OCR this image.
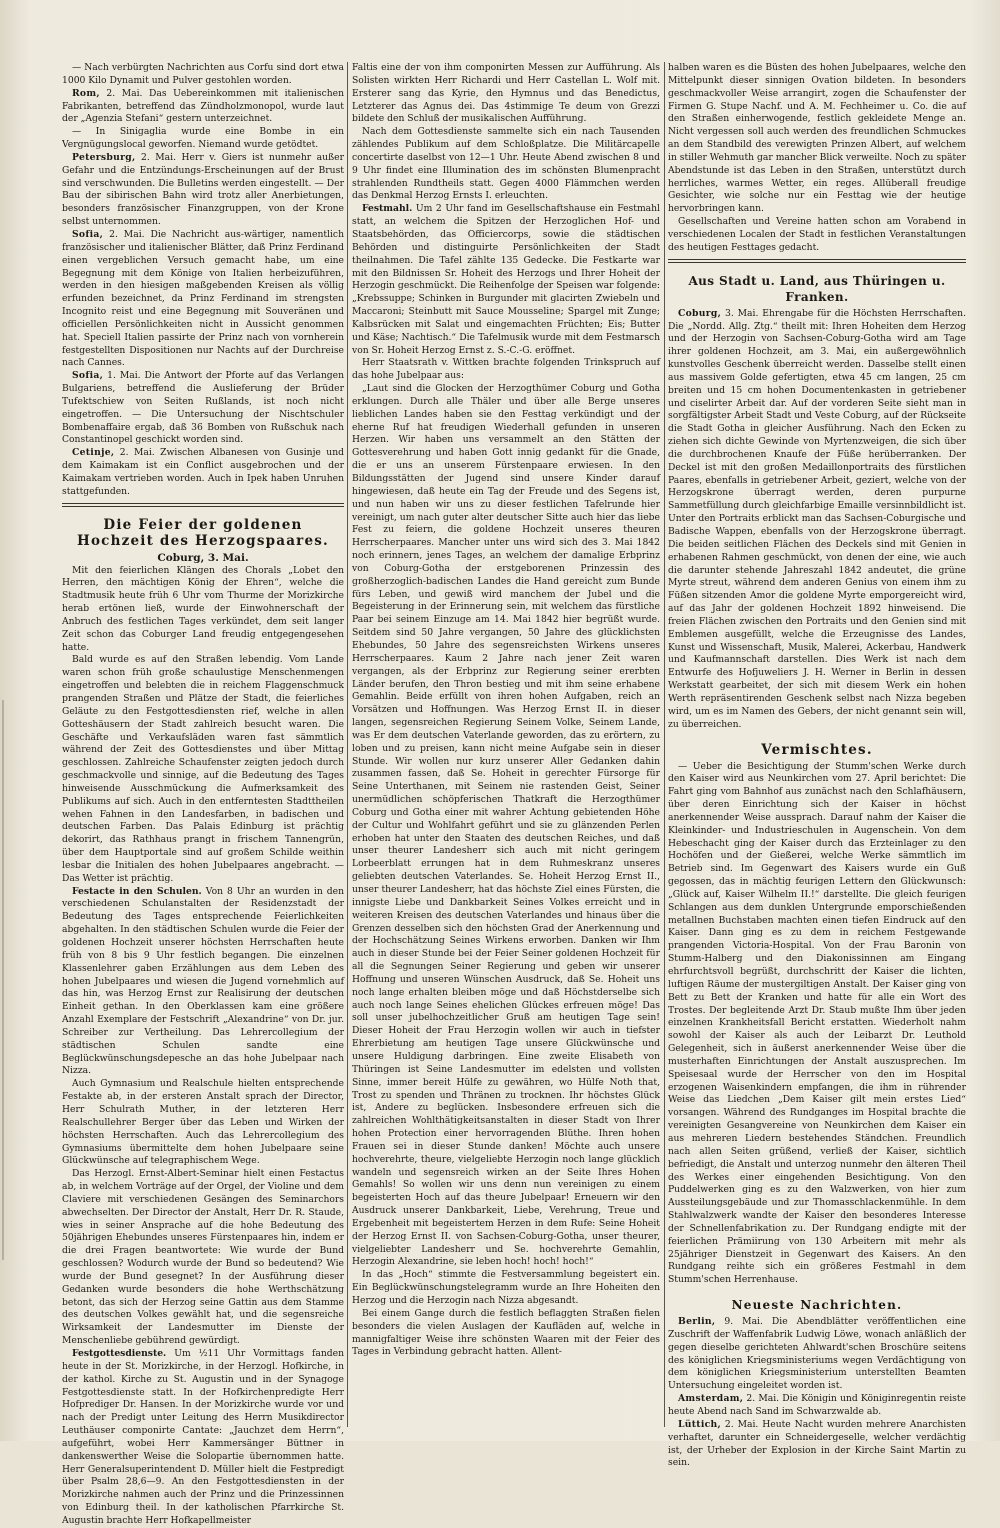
— Nach verbürgten Nachrichten aus Corfu sind dort etwa 1000 Kilo Dynamit und Pulver gestohlen worden.

Rom, 2. Mai. Das Uebereinkommen mit italienischen Fabrikanten, betreffend das Zündholzmonopol, wurde laut der „Agenzia Stefani“ gestern unterzeichnet.

— In Sinigaglia wurde eine Bombe in ein Vergnügungslocal geworfen. Niemand wurde getödtet.

Petersburg, 2. Mai. Herr v. Giers ist nunmehr außer Gefahr und die Entzündungs-Erscheinungen auf der Brust sind verschwunden. Die Bulletins werden eingestellt. — Der Bau der sibirischen Bahn wird trotz aller Anerbietungen, besonders französischer Finanzgruppen, von der Krone selbst unternommen.

Sofia, 2. Mai. Die Nachricht aus-wärtiger, namentlich französischer und italienischer Blätter, daß Prinz Ferdinand einen vergeblichen Versuch gemacht habe, um eine Begegnung mit dem Könige von Italien herbeizuführen, werden in den hiesigen maßgebenden Kreisen als völlig erfunden bezeichnet, da Prinz Ferdinand im strengsten Incognito reist und eine Begegnung mit Souveränen und officiellen Persönlichkeiten nicht in Aussicht genommen hat. Speciell Italien passirte der Prinz nach von vornherein festgestellten Dispositionen nur Nachts auf der Durchreise nach Cannes.

Sofia, 1. Mai. Die Antwort der Pforte auf das Verlangen Bulgariens, betreffend die Auslieferung der Brüder Tufektschiew von Seiten Rußlands, ist noch nicht eingetroffen. — Die Untersuchung der Nischtschuler Bombenaffaire ergab, daß 36 Bomben von Rußschuk nach Constantinopel geschickt worden sind.

Cetinje, 2. Mai. Zwischen Albanesen von Gusinje und dem Kaimakam ist ein Conflict ausgebrochen und der Kaimakam vertrieben worden. Auch in Ipek haben Unruhen stattgefunden.

Die Feier der goldenen Hochzeit des Herzogspaares.

Coburg, 3. Mai.

Mit den feierlichen Klängen des Chorals „Lobet den Herren, den mächtigen König der Ehren“, welche die Stadtmusik heute früh 6 Uhr vom Thurme der Morizkirche herab ertönen ließ, wurde der Einwohnerschaft der Anbruch des festlichen Tages verkündet, dem seit langer Zeit schon das Coburger Land freudig entgegengesehen hatte.

Bald wurde es auf den Straßen lebendig. Vom Lande waren schon früh große schaulustige Menschenmengen eingetroffen und belebten die in reichem Flaggenschmuck prangenden Straßen und Plätze der Stadt, die feierliches Geläute zu den Festgottesdiensten rief, welche in allen Gotteshäusern der Stadt zahlreich besucht waren. Die Geschäfte und Verkaufsläden waren fast sämmtlich während der Zeit des Gottesdienstes und über Mittag geschlossen. Zahlreiche Schaufenster zeigten jedoch durch geschmackvolle und sinnige, auf die Bedeutung des Tages hinweisende Ausschmückung die Aufmerksamkeit des Publikums auf sich. Auch in den entferntesten Stadttheilen wehen Fahnen in den Landesfarben, in badischen und deutschen Farben. Das Palais Edinburg ist prächtig dekorirt, das Rathhaus prangt in frischem Tannengrün, über dem Hauptportale sind auf großem Schilde weithin lesbar die Initialen des hohen Jubelpaares angebracht. — Das Wetter ist prächtig.

Festacte in den Schulen. Von 8 Uhr an wurden in den verschiedenen Schulanstalten der Residenzstadt der Bedeutung des Tages entsprechende Feierlichkeiten abgehalten. In den städtischen Schulen wurde die Feier der goldenen Hochzeit unserer höchsten Herrschaften heute früh von 8 bis 9 Uhr festlich begangen. Die einzelnen Klassenlehrer gaben Erzählungen aus dem Leben des hohen Jubelpaares und wiesen die Jugend vornehmlich auf das hin, was Herzog Ernst zur Realisirung der deutschen Einheit gethan. In den Oberklassen kam eine größere Anzahl Exemplare der Festschrift „Alexandrine“ von Dr. jur. Schreiber zur Vertheilung. Das Lehrercollegium der städtischen Schulen sandte eine Beglückwünschungsdepesche an das hohe Jubelpaar nach Nizza.

Auch Gymnasium und Realschule hielten entsprechende Festakte ab, in der ersteren Anstalt sprach der Director, Herr Schulrath Muther, in der letzteren Herr Realschullehrer Berger über das Leben und Wirken der höchsten Herrschaften. Auch das Lehrercollegium des Gymnasiums übermittelte dem hohen Jubelpaare seine Glückwünsche auf telegraphischem Wege.

Das Herzogl. Ernst-Albert-Seminar hielt einen Festactus ab, in welchem Vorträge auf der Orgel, der Violine und dem Claviere mit verschiedenen Gesängen des Seminarchors abwechselten. Der Director der Anstalt, Herr Dr. R. Staude, wies in seiner Ansprache auf die hohe Bedeutung des 50jährigen Ehebundes unseres Fürstenpaares hin, indem er die drei Fragen beantwortete: Wie wurde der Bund geschlossen? Wodurch wurde der Bund so bedeutend? Wie wurde der Bund gesegnet? In der Ausführung dieser Gedanken wurde besonders die hohe Werthschätzung betont, das sich der Herzog seine Gattin aus dem Stamme des deutschen Volkes gewählt hat, und die segensreiche Wirksamkeit der Landesmutter im Dienste der Menschenliebe gebührend gewürdigt.

Festgottesdienste. Um ½11 Uhr Vormittags fanden heute in der St. Morizkirche, in der Herzogl. Hofkirche, in der kathol. Kirche zu St. Augustin und in der Synagoge Festgottesdienste statt. In der Hofkirchenpredigte Herr Hofprediger Dr. Hansen. In der Morizkirche wurde vor und nach der Predigt unter Leitung des Herrn Musikdirector Leuthäuser componirte Cantate: „Jauchzet dem Herrn“, aufgeführt, wobei Herr Kammersänger Büttner in dankenswerther Weise die Solopartie übernommen hatte. Herr Generalsuperintendent D. Müller hielt die Festpredigt über Psalm 28,6—9. An den Festgottesdiensten in der Morizkirche nahmen auch der Prinz und die Prinzessinnen von Edinburg theil. In der katholischen Pfarrkirche St. Augustin brachte Herr Hofkapellmeister

Faltis eine der von ihm componirten Messen zur Aufführung. Als Solisten wirkten Herr Richardi und Herr Castellan L. Wolf mit. Ersterer sang das Kyrie, den Hymnus und das Benedictus, Letzterer das Agnus dei. Das 4stimmige Te deum von Grezzi bildete den Schluß der musikalischen Aufführung.

Nach dem Gottesdienste sammelte sich ein nach Tausenden zählendes Publikum auf dem Schloßplatze. Die Militärcapelle concertirte daselbst von 12—1 Uhr. Heute Abend zwischen 8 und 9 Uhr findet eine Illumination des im schönsten Blumenpracht strahlenden Rundtheils statt. Gegen 4000 Flämmchen werden das Denkmal Herzog Ernsts I. erleuchten.

Festmahl. Um 2 Uhr fand im Gesellschaftshause ein Festmahl statt, an welchem die Spitzen der Herzoglichen Hof- und Staatsbehörden, das Officiercorps, sowie die städtischen Behörden und distinguirte Persönlichkeiten der Stadt theilnahmen. Die Tafel zählte 135 Gedecke. Die Festkarte war mit den Bildnissen Sr. Hoheit des Herzogs und Ihrer Hoheit der Herzogin geschmückt. Die Reihenfolge der Speisen war folgende: „Krebssuppe; Schinken in Burgunder mit glacirten Zwiebeln und Maccaroni; Steinbutt mit Sauce Mousseline; Spargel mit Zunge; Kalbsrücken mit Salat und eingemachten Früchten; Eis; Butter und Käse; Nachtisch.“ Die Tafelmusik wurde mit dem Festmarsch von Sr. Hoheit Herzog Ernst z. S.-C.-G. eröffnet.

Herr Staatsrath v. Wittken brachte folgenden Trinkspruch auf das hohe Jubelpaar aus:

„Laut sind die Glocken der Herzogthümer Coburg und Gotha erklungen. Durch alle Thäler und über alle Berge unseres lieblichen Landes haben sie den Festtag verkündigt und der eherne Ruf hat freudigen Wiederhall gefunden in unseren Herzen. Wir haben uns versammelt an den Stätten der Gottesverehrung und haben Gott innig gedankt für die Gnade, die er uns an unserem Fürstenpaare erwiesen. In den Bildungsstätten der Jugend sind unsere Kinder darauf hingewiesen, daß heute ein Tag der Freude und des Segens ist, und nun haben wir uns zu dieser festlichen Tafelrunde hier vereinigt, um nach guter alter deutscher Sitte auch hier das liebe Fest zu feiern, die goldene Hochzeit unseres theuren Herrscherpaares. Mancher unter uns wird sich des 3. Mai 1842 noch erinnern, jenes Tages, an welchem der damalige Erbprinz von Coburg-Gotha der erstgeborenen Prinzessin des großherzoglich-badischen Landes die Hand gereicht zum Bunde fürs Leben, und gewiß wird manchem der Jubel und die Begeisterung in der Erinnerung sein, mit welchem das fürstliche Paar bei seinem Einzuge am 14. Mai 1842 hier begrüßt wurde. Seitdem sind 50 Jahre vergangen, 50 Jahre des glücklichsten Ehebundes, 50 Jahre des segensreichsten Wirkens unseres Herrscherpaares. Kaum 2 Jahre nach jener Zeit waren vergangen, als der Erbprinz zur Regierung seiner ererbten Länder berufen, den Thron bestieg und mit ihm seine erhabene Gemahlin. Beide erfüllt von ihren hohen Aufgaben, reich an Vorsätzen und Hoffnungen. Was Herzog Ernst II. in dieser langen, segensreichen Regierung Seinem Volke, Seinem Lande, was Er dem deutschen Vaterlande geworden, das zu erörtern, zu loben und zu preisen, kann nicht meine Aufgabe sein in dieser Stunde. Wir wollen nur kurz unserer Aller Gedanken dahin zusammen fassen, daß Se. Hoheit in gerechter Fürsorge für Seine Unterthanen, mit Seinem nie rastenden Geist, Seiner unermüdlichen schöpferischen Thatkraft die Herzogthümer Coburg und Gotha einer mit wahrer Achtung gebietenden Höhe der Cultur und Wohlfahrt geführt und sie zu glänzenden Perlen erhoben hat unter den Staaten des deutschen Reiches, und daß unser theurer Landesherr sich auch mit nicht geringem Lorbeerblatt errungen hat in dem Ruhmeskranz unseres geliebten deutschen Vaterlandes. Se. Hoheit Herzog Ernst II., unser theurer Landesherr, hat das höchste Ziel eines Fürsten, die innigste Liebe und Dankbarkeit Seines Volkes erreicht und in weiteren Kreisen des deutschen Vaterlandes und hinaus über die Grenzen desselben sich den höchsten Grad der Anerkennung und der Hochschätzung Seines Wirkens erworben. Danken wir Ihm auch in dieser Stunde bei der Feier Seiner goldenen Hochzeit für all die Segnungen Seiner Regierung und geben wir unserer Hoffnung und unseren Wünschen Ausdruck, daß Se. Hoheit uns noch lange erhalten bleiben möge und daß Höchstderselbe sich auch noch lange Seines ehelichen Glückes erfreuen möge! Das soll unser jubelhochzeitlicher Gruß am heutigen Tage sein! Dieser Hoheit der Frau Herzogin wollen wir auch in tiefster Ehrerbietung am heutigen Tage unsere Glückwünsche und unsere Huldigung darbringen. Eine zweite Elisabeth von Thüringen ist Seine Landesmutter im edelsten und vollsten Sinne, immer bereit Hülfe zu gewähren, wo Hülfe Noth that, Trost zu spenden und Thränen zu trocknen. Ihr höchstes Glück ist, Andere zu beglücken. Insbesondere erfreuen sich die zahlreichen Wohlthätigkeitsanstalten in dieser Stadt von Ihrer hohen Protection einer hervorragenden Blüthe. Ihren hohen Frauen sei in dieser Stunde danken! Möchte auch unsere hochverehrte, theure, vielgeliebte Herzogin noch lange glücklich wandeln und segensreich wirken an der Seite Ihres Hohen Gemahls! So wollen wir uns denn nun vereinigen zu einem begeisterten Hoch auf das theure Jubelpaar! Erneuern wir den Ausdruck unserer Dankbarkeit, Liebe, Verehrung, Treue und Ergebenheit mit begeistertem Herzen in dem Rufe: Seine Hoheit der Herzog Ernst II. von Sachsen-Coburg-Gotha, unser theurer, vielgeliebter Landesherr und Se. hochverehrte Gemahlin, Herzogin Alexandrine, sie leben hoch! hoch! hoch!“

In das „Hoch“ stimmte die Festversammlung begeistert ein. Ein Beglückwünschungstelegramm wurde an Ihre Hoheiten den Herzog und die Herzogin nach Nizza abgesandt.

Bei einem Gange durch die festlich beflaggten Straßen fielen besonders die vielen Auslagen der Kaufläden auf, welche in mannigfaltiger Weise ihre schönsten Waaren mit der Feier des Tages in Verbindung gebracht hatten. Allent-

halben waren es die Büsten des hohen Jubelpaares, welche den Mittelpunkt dieser sinnigen Ovation bildeten. In besonders geschmackvoller Weise arrangirt, zogen die Schaufenster der Firmen G. Stupe Nachf. und A. M. Fechheimer u. Co. die auf den Straßen einherwogende, festlich gekleidete Menge an. Nicht vergessen soll auch werden des freundlichen Schmuckes an dem Standbild des verewigten Prinzen Albert, auf welchem in stiller Wehmuth gar mancher Blick verweilte. Noch zu später Abendstunde ist das Leben in den Straßen, unterstützt durch herrliches, warmes Wetter, ein reges. Allüberall freudige Gesichter, wie solche nur ein Festtag wie der heutige hervorbringen kann.

Gesellschaften und Vereine hatten schon am Vorabend in verschiedenen Localen der Stadt in festlichen Veranstaltungen des heutigen Festtages gedacht.

Aus Stadt u. Land, aus Thüringen u. Franken.

Coburg, 3. Mai. Ehrengabe für die Höchsten Herrschaften. Die „Nordd. Allg. Ztg.“ theilt mit: Ihren Hoheiten dem Herzog und der Herzogin von Sachsen-Coburg-Gotha wird am Tage ihrer goldenen Hochzeit, am 3. Mai, ein außergewöhnlich kunstvolles Geschenk überreicht werden. Dasselbe stellt einen aus massivem Golde gefertigten, etwa 45 cm langen, 25 cm breiten und 15 cm hohen Documentenkasten in getriebener und ciselirter Arbeit dar. Auf der vorderen Seite sieht man in sorgfältigster Arbeit Stadt und Veste Coburg, auf der Rückseite die Stadt Gotha in gleicher Ausführung. Nach den Ecken zu ziehen sich dichte Gewinde von Myrtenzweigen, die sich über die durchbrochenen Knaufe der Füße herüberranken. Der Deckel ist mit den großen Medaillonportraits des fürstlichen Paares, ebenfalls in getriebener Arbeit, geziert, welche von der Herzogskrone überragt werden, deren purpurne Sammetfüllung durch gleichfarbige Emaille versinnbildlicht ist. Unter den Portraits erblickt man das Sachsen-Coburgische und Badische Wappen, ebenfalls von der Herzogskrone überragt. Die beiden seitlichen Flächen des Deckels sind mit Genien in erhabenen Rahmen geschmückt, von denen der eine, wie auch die darunter stehende Jahreszahl 1842 andeutet, die grüne Myrte streut, während dem anderen Genius von einem ihm zu Füßen sitzenden Amor die goldene Myrte emporgereicht wird, auf das Jahr der goldenen Hochzeit 1892 hinweisend. Die freien Flächen zwischen den Portraits und den Genien sind mit Emblemen ausgefüllt, welche die Erzeugnisse des Landes, Kunst und Wissenschaft, Musik, Malerei, Ackerbau, Handwerk und Kaufmannschaft darstellen. Dies Werk ist nach dem Entwurfe des Hofjuweliers J. H. Werner in Berlin in dessen Werkstatt gearbeitet, der sich mit diesem Werk ein hohen Werth repräsentirenden Geschenk selbst nach Nizza begeben wird, um es im Namen des Gebers, der nicht genannt sein will, zu überreichen.

Vermischtes.

— Ueber die Besichtigung der Stumm'schen Werke durch den Kaiser wird aus Neunkirchen vom 27. April berichtet: Die Fahrt ging vom Bahnhof aus zunächst nach den Schlafhäusern, über deren Einrichtung sich der Kaiser in höchst anerkennender Weise aussprach. Darauf nahm der Kaiser die Kleinkinder- und Industrieschulen in Augenschein. Von dem Hebeschacht ging der Kaiser durch das Erzteinlager zu den Hochöfen und der Gießerei, welche Werke sämmtlich im Betrieb sind. Im Gegenwart des Kaisers wurde ein Guß gegossen, das in mächtig feurigen Lettern den Glückwunsch: „Glück auf, Kaiser Wilhelm II.!“ darstellte. Die gleich feurigen Schlangen aus dem dunklen Untergrunde emporschießenden metallnen Buchstaben machten einen tiefen Eindruck auf den Kaiser. Dann ging es zu dem in reichem Festgewande prangenden Victoria-Hospital. Von der Frau Baronin von Stumm-Halberg und den Diakonissinnen am Eingang ehrfurchtsvoll begrüßt, durchschritt der Kaiser die lichten, luftigen Räume der mustergiltigen Anstalt. Der Kaiser ging von Bett zu Bett der Kranken und hatte für alle ein Wort des Trostes. Der begleitende Arzt Dr. Staub mußte Ihm über jeden einzelnen Krankheitsfall Bericht erstatten. Wiederholt nahm sowohl der Kaiser als auch der Leibarzt Dr. Leuthold Gelegenheit, sich in äußerst anerkennender Weise über die musterhaften Einrichtungen der Anstalt auszusprechen. Im Speisesaal wurde der Herrscher von den im Hospital erzogenen Waisenkindern empfangen, die ihm in rührender Weise das Liedchen „Dem Kaiser gilt mein erstes Lied“ vorsangen. Während des Rundganges im Hospital brachte die vereinigten Gesangvereine von Neunkirchen dem Kaiser ein aus mehreren Liedern bestehendes Ständchen. Freundlich nach allen Seiten grüßend, verließ der Kaiser, sichtlich befriedigt, die Anstalt und unterzog nunmehr den älteren Theil des Werkes einer eingehenden Besichtigung. Von den Puddelwerken ging es zu den Walzwerken, von hier zum Aussteilungsgebäude und zur Thomasschlackenmühle. In dem Stahlwalzwerk wandte der Kaiser den besonderes Interesse der Schnellenfabrikation zu. Der Rundgang endigte mit der feierlichen Prämiirung von 130 Arbeitern mit mehr als 25jähriger Dienstzeit in Gegenwart des Kaisers. An den Rundgang reihte sich ein größeres Festmahl in dem Stumm'schen Herrenhause.

Neueste Nachrichten.

Berlin, 9. Mai. Die Abendblätter veröffentlichen eine Zuschrift der Waffenfabrik Ludwig Löwe, wonach anläßlich der gegen dieselbe gerichteten Ahlwardt'schen Broschüre seitens des königlichen Kriegsministeriums wegen Verdächtigung von dem königlichen Kriegsministerium unterstellten Beamten Untersuchung eingeleitet worden ist.

Amsterdam, 2. Mai. Die Königin und Königinregentin reiste heute Abend nach Sand im Schwarzwalde ab.

Lüttich, 2. Mai. Heute Nacht wurden mehrere Anarchisten verhaftet, darunter ein Schneidergeselle, welcher verdächtig ist, der Urheber der Explosion in der Kirche Saint Martin zu sein.
